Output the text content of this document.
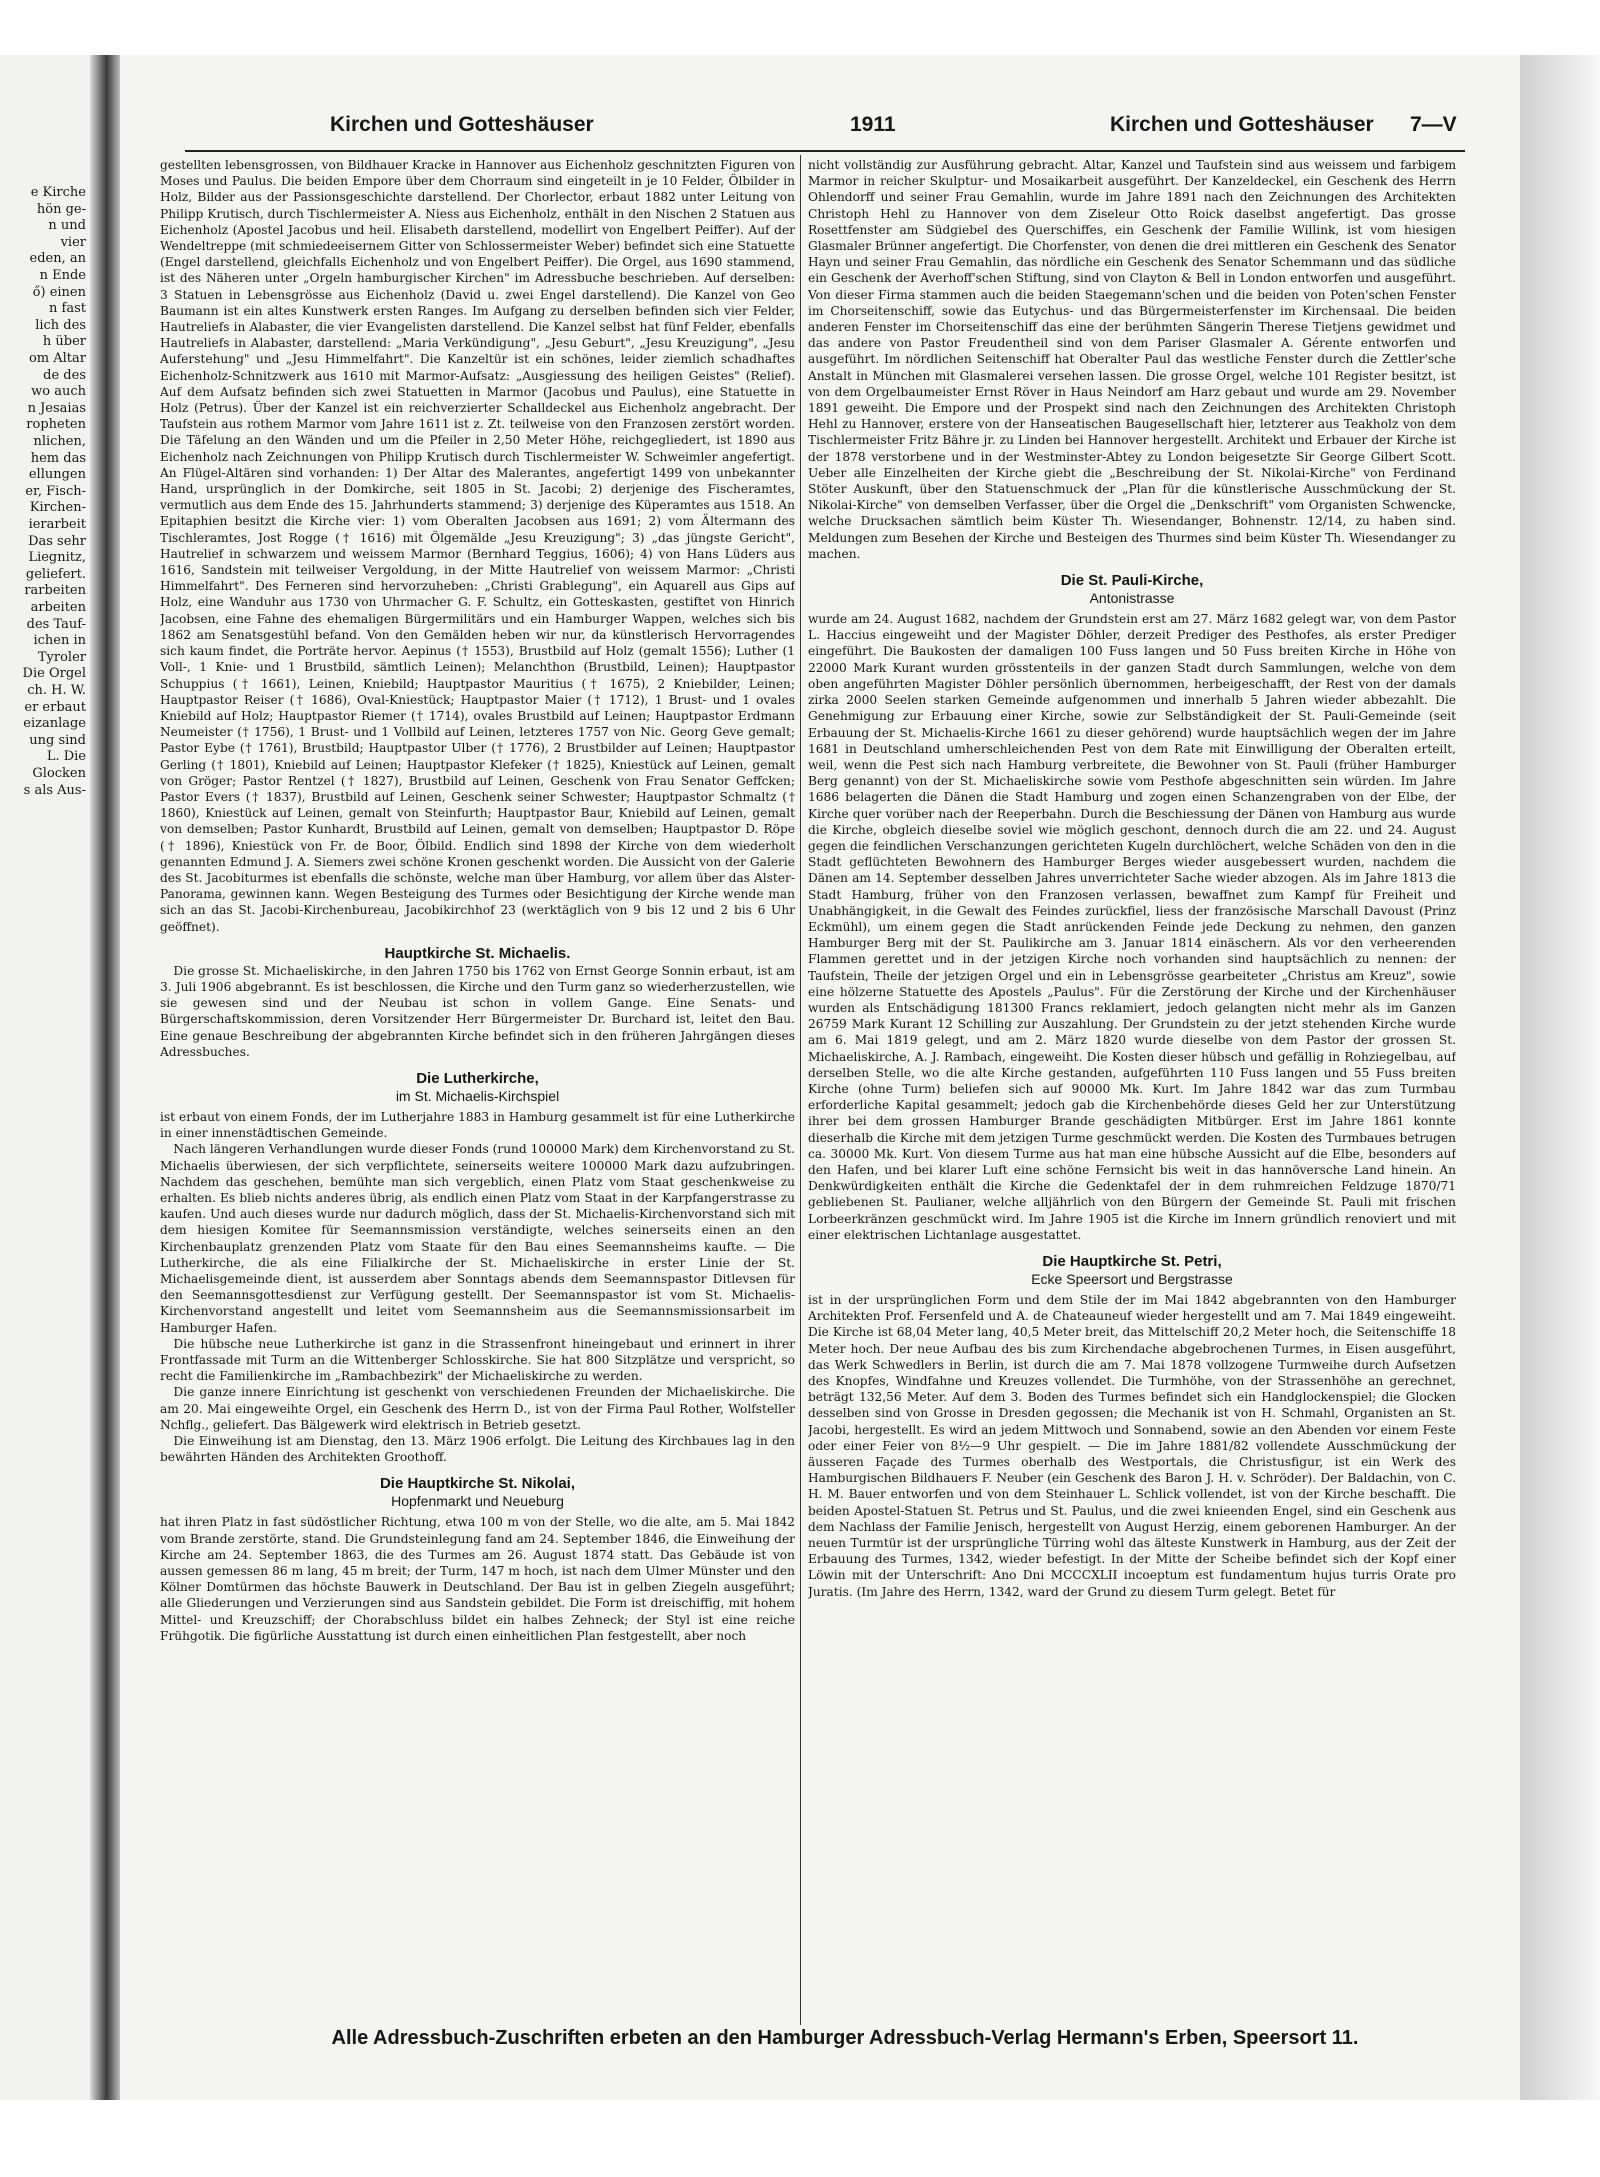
e Kirche
hön ge-
n und
vier
eden, an
n Ende
ő) einen
n fast
lich des
h über
om Altar
de des
wo auch
n Jesaias
ropheten
nlichen,
hem das
ellungen
er, Fisch-
Kirchen-
ierarbeit
Das sehr
Liegnitz,
geliefert.
rarbeiten
arbeiten
des Tauf-
ichen in
Tyroler
Die Orgel
ch. H. W.
er erbaut
eizanlage
ung sind
L. Die
Glocken
s als Aus-
Kirchen und Gotteshäuser	1911	Kirchen und Gotteshäuser 7—V

gestellten lebensgrossen, von Bildhauer Kracke in Hannover aus Eichenholz geschnitzten Figuren von Moses und Paulus. Die beiden Empore über dem Chorraum sind eingeteilt in je 10 Felder, Ölbilder in Holz, Bilder aus der Passionsgeschichte darstellend. Der Chorlector, erbaut 1882 unter Leitung von Philipp Krutisch, durch Tischlermeister A. Niess aus Eichenholz, enthält in den Nischen 2 Statuen aus Eichenholz (Apostel Jacobus und heil. Elisabeth darstellend, modellirt von Engelbert Peiffer). Auf der Wendeltreppe (mit schmiedeeisernem Gitter von Schlossermeister Weber) befindet sich eine Statuette (Engel darstellend, gleichfalls Eichenholz und von Engelbert Peiffer). Die Orgel, aus 1690 stammend, ist des Näheren unter „Orgeln hamburgischer Kirchen" im Adressbuche beschrieben. Auf derselben: 3 Statuen in Lebensgrösse aus Eichenholz (David u. zwei Engel darstellend). Die Kanzel von Geo Baumann ist ein altes Kunstwerk ersten Ranges. Im Aufgang zu derselben befinden sich vier Felder, Hautreliefs in Alabaster, die vier Evangelisten darstellend. Die Kanzel selbst hat fünf Felder, ebenfalls Hautreliefs in Alabaster, darstellend: „Maria Verkündigung", „Jesu Geburt", „Jesu Kreuzigung", „Jesu Auferstehung" und „Jesu Himmelfahrt". Die Kanzeltür ist ein schönes, leider ziemlich schadhaftes Eichenholz-Schnitzwerk aus 1610 mit Marmor-Aufsatz: „Ausgiessung des heiligen Geistes" (Relief). Auf dem Aufsatz befinden sich zwei Statuetten in Marmor (Jacobus und Paulus), eine Statuette in Holz (Petrus). Über der Kanzel ist ein reichverzierter Schalldeckel aus Eichenholz angebracht. Der Taufstein aus rothem Marmor vom Jahre 1611 ist z. Zt. teilweise von den Franzosen zerstört worden. Die Täfelung an den Wänden und um die Pfeiler in 2,50 Meter Höhe, reichgegliedert, ist 1890 aus Eichenholz nach Zeichnungen von Philipp Krutisch durch Tischlermeister W. Schweimler angefertigt. An Flügel-Altären sind vorhanden: 1) Der Altar des Malerantes, angefertigt 1499 von unbekannter Hand, ursprünglich in der Domkirche, seit 1805 in St. Jacobi; 2) derjenige des Fischeramtes, vermutlich aus dem Ende des 15. Jahrhunderts stammend; 3) derjenige des Küperamtes aus 1518. An Epitaphien besitzt die Kirche vier: 1) vom Oberalten Jacobsen aus 1691; 2) vom Ältermann des Tischleramtes, Jost Rogge († 1616) mit Ölgemälde „Jesu Kreuzigung"; 3) „das jüngste Gericht", Hautrelief in schwarzem und weissem Marmor (Bernhard Teggius, 1606); 4) von Hans Lüders aus 1616, Sandstein mit teilweiser Vergoldung, in der Mitte Hautrelief von weissem Marmor: „Christi Himmelfahrt". Des Ferneren sind hervorzuheben: „Christi Grablegung", ein Aquarell aus Gips auf Holz, eine Wanduhr aus 1730 von Uhrmacher G. F. Schultz, ein Gotteskasten, gestiftet von Hinrich Jacobsen, eine Fahne des ehemaligen Bürgermilitärs und ein Hamburger Wappen, welches sich bis 1862 am Senatsgestühl befand. Von den Gemälden heben wir nur, da künstlerisch Hervorragendes sich kaum findet, die Porträte hervor. Aepinus († 1553), Brustbild auf Holz (gemalt 1556); Luther (1 Voll-, 1 Knie- und 1 Brustbild, sämtlich Leinen); Melanchthon (Brustbild, Leinen); Hauptpastor Schuppius († 1661), Leinen, Kniebild; Hauptpastor Mauritius († 1675), 2 Kniebilder, Leinen; Hauptpastor Reiser († 1686), Oval-Kniestück; Hauptpastor Maier († 1712), 1 Brust- und 1 ovales Kniebild auf Holz; Hauptpastor Riemer († 1714), ovales Brustbild auf Leinen; Hauptpastor Erdmann Neumeister († 1756), 1 Brust- und 1 Vollbild auf Leinen, letzteres 1757 von Nic. Georg Geve gemalt; Pastor Eybe († 1761), Brustbild; Hauptpastor Ulber († 1776), 2 Brustbilder auf Leinen; Hauptpastor Gerling († 1801), Kniebild auf Leinen; Hauptpastor Klefeker († 1825), Kniestück auf Leinen, gemalt von Gröger; Pastor Rentzel († 1827), Brustbild auf Leinen, Geschenk von Frau Senator Geffcken; Pastor Evers († 1837), Brustbild auf Leinen, Geschenk seiner Schwester; Hauptpastor Schmaltz († 1860), Kniestück auf Leinen, gemalt von Steinfurth; Hauptpastor Baur, Kniebild auf Leinen, gemalt von demselben; Pastor Kunhardt, Brustbild auf Leinen, gemalt von demselben; Hauptpastor D. Röpe († 1896), Kniestück von Fr. de Boor, Ölbild. Endlich sind 1898 der Kirche von dem wiederholt genannten Edmund J. A. Siemers zwei schöne Kronen geschenkt worden. Die Aussicht von der Galerie des St. Jacobiturmes ist ebenfalls die schönste, welche man über Hamburg, vor allem über das Alster-Panorama, gewinnen kann. Wegen Besteigung des Turmes oder Besichtigung der Kirche wende man sich an das St. Jacobi-Kirchenbureau, Jacobikirchhof 23 (werktäglich von 9 bis 12 und 2 bis 6 Uhr geöffnet).

Hauptkirche St. Michaelis.

Die grosse St. Michaeliskirche, in den Jahren 1750 bis 1762 von Ernst George Sonnin erbaut, ist am 3. Juli 1906 abgebrannt. Es ist beschlossen, die Kirche und den Turm ganz so wiederherzustellen, wie sie gewesen sind und der Neubau ist schon in vollem Gange. Eine Senats- und Bürgerschaftskommission, deren Vorsitzender Herr Bürgermeister Dr. Burchard ist, leitet den Bau. Eine genaue Beschreibung der abgebrannten Kirche befindet sich in den früheren Jahrgängen dieses Adressbuches.

Die Lutherkirche,
im St. Michaelis-Kirchspiel

ist erbaut von einem Fonds, der im Lutherjahre 1883 in Hamburg gesammelt ist für eine Lutherkirche in einer innenstädtischen Gemeinde.

Nach längeren Verhandlungen wurde dieser Fonds (rund 100000 Mark) dem Kirchenvorstand zu St. Michaelis überwiesen, der sich verpflichtete, seinerseits weitere 100000 Mark dazu aufzubringen. Nachdem das geschehen, bemühte man sich vergeblich, einen Platz vom Staat geschenkweise zu erhalten. Es blieb nichts anderes übrig, als endlich einen Platz vom Staat in der Karpfangerstrasse zu kaufen. Und auch dieses wurde nur dadurch möglich, dass der St. Michaelis-Kirchenvorstand sich mit dem hiesigen Komitee für Seemannsmission verständigte, welches seinerseits einen an den Kirchenbauplatz grenzenden Platz vom Staate für den Bau eines Seemannsheims kaufte. — Die Lutherkirche, die als eine Filialkirche der St. Michaeliskirche in erster Linie der St. Michaelisgemeinde dient, ist ausserdem aber Sonntags abends dem Seemannspastor Ditlevsen für den Seemannsgottesdienst zur Verfügung gestellt. Der Seemannspastor ist vom St. Michaelis-Kirchenvorstand angestellt und leitet vom Seemannsheim aus die Seemannsmissionsarbeit im Hamburger Hafen.

Die hübsche neue Lutherkirche ist ganz in die Strassenfront hineingebaut und erinnert in ihrer Frontfassade mit Turm an die Wittenberger Schlosskirche. Sie hat 800 Sitzplätze und verspricht, so recht die Familienkirche im „Rambachbezirk" der Michaeliskirche zu werden.

Die ganze innere Einrichtung ist geschenkt von verschiedenen Freunden der Michaeliskirche. Die am 20. Mai eingeweihte Orgel, ein Geschenk des Herrn D., ist von der Firma Paul Rother, Wolfsteller Nchflg., geliefert. Das Bälgewerk wird elektrisch in Betrieb gesetzt.

Die Einweihung ist am Dienstag, den 13. März 1906 erfolgt. Die Leitung des Kirchbaues lag in den bewährten Händen des Architekten Groothoff.

Die Hauptkirche St. Nikolai,
Hopfenmarkt und Neueburg

hat ihren Platz in fast südöstlicher Richtung, etwa 100 m von der Stelle, wo die alte, am 5. Mai 1842 vom Brande zerstörte, stand. Die Grundsteinlegung fand am 24. September 1846, die Einweihung der Kirche am 24. September 1863, die des Turmes am 26. August 1874 statt. Das Gebäude ist von aussen gemessen 86 m lang, 45 m breit; der Turm, 147 m hoch, ist nach dem Ulmer Münster und den Kölner Domtürmen das höchste Bauwerk in Deutschland. Der Bau ist in gelben Ziegeln ausgeführt; alle Gliederungen und Verzierungen sind aus Sandstein gebildet. Die Form ist dreischiffig, mit hohem Mittel- und Kreuzschiff; der Chorabschluss bildet ein halbes Zehneck; der Styl ist eine reiche Frühgotik. Die figürliche Ausstattung ist durch einen einheitlichen Plan festgestellt, aber noch

nicht vollständig zur Ausführung gebracht. Altar, Kanzel und Taufstein sind aus weissem und farbigem Marmor in reicher Skulptur- und Mosaikarbeit ausgeführt. Der Kanzeldeckel, ein Geschenk des Herrn Ohlendorff und seiner Frau Gemahlin, wurde im Jahre 1891 nach den Zeichnungen des Architekten Christoph Hehl zu Hannover von dem Ziseleur Otto Roick daselbst angefertigt. Das grosse Rosettfenster am Südgiebel des Querschiffes, ein Geschenk der Familie Willink, ist vom hiesigen Glasmaler Brünner angefertigt. Die Chorfenster, von denen die drei mittleren ein Geschenk des Senator Hayn und seiner Frau Gemahlin, das nördliche ein Geschenk des Senator Schemmann und das südliche ein Geschenk der Averhoff'schen Stiftung, sind von Clayton & Bell in London entworfen und ausgeführt. Von dieser Firma stammen auch die beiden Staegemann'schen und die beiden von Poten'schen Fenster im Chorseitenschiff, sowie das Eutychus- und das Bürgermeisterfenster im Kirchensaal. Die beiden anderen Fenster im Chorseitenschiff das eine der berühmten Sängerin Therese Tietjens gewidmet und das andere von Pastor Freudentheil sind von dem Pariser Glasmaler A. Gérente entworfen und ausgeführt. Im nördlichen Seitenschiff hat Oberalter Paul das westliche Fenster durch die Zettler'sche Anstalt in München mit Glasmalerei versehen lassen. Die grosse Orgel, welche 101 Register besitzt, ist von dem Orgelbaumeister Ernst Röver in Haus Neindorf am Harz gebaut und wurde am 29. November 1891 geweiht. Die Empore und der Prospekt sind nach den Zeichnungen des Architekten Christoph Hehl zu Hannover, erstere von der Hanseatischen Baugesellschaft hier, letzterer aus Teakholz von dem Tischlermeister Fritz Bähre jr. zu Linden bei Hannover hergestellt. Architekt und Erbauer der Kirche ist der 1878 verstorbene und in der Westminster-Abtey zu London beigesetzte Sir George Gilbert Scott. Ueber alle Einzelheiten der Kirche giebt die „Beschreibung der St. Nikolai-Kirche" von Ferdinand Stöter Auskunft, über den Statuenschmuck der „Plan für die künstlerische Ausschmückung der St. Nikolai-Kirche" von demselben Verfasser, über die Orgel die „Denkschrift" vom Organisten Schwencke, welche Drucksachen sämtlich beim Küster Th. Wiesendanger, Bohnenstr. 12/14, zu haben sind. Meldungen zum Besehen der Kirche und Besteigen des Thurmes sind beim Küster Th. Wiesendanger zu machen.

Die St. Pauli-Kirche,
Antonistrasse

wurde am 24. August 1682, nachdem der Grundstein erst am 27. März 1682 gelegt war, von dem Pastor L. Haccius eingeweiht und der Magister Döhler, derzeit Prediger des Pesthofes, als erster Prediger eingeführt. Die Baukosten der damaligen 100 Fuss langen und 50 Fuss breiten Kirche in Höhe von 22000 Mark Kurant wurden grösstenteils in der ganzen Stadt durch Sammlungen, welche von dem oben angeführten Magister Döhler persönlich übernommen, herbeigeschafft, der Rest von der damals zirka 2000 Seelen starken Gemeinde aufgenommen und innerhalb 5 Jahren wieder abbezahlt. Die Genehmigung zur Erbauung einer Kirche, sowie zur Selbständigkeit der St. Pauli-Gemeinde (seit Erbauung der St. Michaelis-Kirche 1661 zu dieser gehörend) wurde hauptsächlich wegen der im Jahre 1681 in Deutschland umherschleichenden Pest von dem Rate mit Einwilligung der Oberalten erteilt, weil, wenn die Pest sich nach Hamburg verbreitete, die Bewohner von St. Pauli (früher Hamburger Berg genannt) von der St. Michaeliskirche sowie vom Pesthofe abgeschnitten sein würden. Im Jahre 1686 belagerten die Dänen die Stadt Hamburg und zogen einen Schanzengraben von der Elbe, der Kirche quer vorüber nach der Reeperbahn. Durch die Beschiessung der Dänen von Hamburg aus wurde die Kirche, obgleich dieselbe soviel wie möglich geschont, dennoch durch die am 22. und 24. August gegen die feindlichen Verschanzungen gerichteten Kugeln durchlöchert, welche Schäden von den in die Stadt geflüchteten Bewohnern des Hamburger Berges wieder ausgebessert wurden, nachdem die Dänen am 14. September desselben Jahres unverrichteter Sache wieder abzogen. Als im Jahre 1813 die Stadt Hamburg, früher von den Franzosen verlassen, bewaffnet zum Kampf für Freiheit und Unabhängigkeit, in die Gewalt des Feindes zurückfiel, liess der französische Marschall Davoust (Prinz Eckmühl), um einem gegen die Stadt anrückenden Feinde jede Deckung zu nehmen, den ganzen Hamburger Berg mit der St. Paulikirche am 3. Januar 1814 einäschern. Als vor den verheerenden Flammen gerettet und in der jetzigen Kirche noch vorhanden sind hauptsächlich zu nennen: der Taufstein, Theile der jetzigen Orgel und ein in Lebensgrösse gearbeiteter „Christus am Kreuz", sowie eine hölzerne Statuette des Apostels „Paulus". Für die Zerstörung der Kirche und der Kirchenhäuser wurden als Entschädigung 181300 Francs reklamiert, jedoch gelangten nicht mehr als im Ganzen 26759 Mark Kurant 12 Schilling zur Auszahlung. Der Grundstein zu der jetzt stehenden Kirche wurde am 6. Mai 1819 gelegt, und am 2. März 1820 wurde dieselbe von dem Pastor der grossen St. Michaeliskirche, A. J. Rambach, eingeweiht. Die Kosten dieser hübsch und gefällig in Rohziegelbau, auf derselben Stelle, wo die alte Kirche gestanden, aufgeführten 110 Fuss langen und 55 Fuss breiten Kirche (ohne Turm) beliefen sich auf 90000 Mk. Kurt. Im Jahre 1842 war das zum Turmbau erforderliche Kapital gesammelt; jedoch gab die Kirchenbehörde dieses Geld her zur Unterstützung ihrer bei dem grossen Hamburger Brande geschädigten Mitbürger. Erst im Jahre 1861 konnte dieserhalb die Kirche mit dem jetzigen Turme geschmückt werden. Die Kosten des Turmbaues betrugen ca. 30000 Mk. Kurt. Von diesem Turme aus hat man eine hübsche Aussicht auf die Elbe, besonders auf den Hafen, und bei klarer Luft eine schöne Fernsicht bis weit in das hannöversche Land hinein. An Denkwürdigkeiten enthält die Kirche die Gedenktafel der in dem ruhmreichen Feldzuge 1870/71 gebliebenen St. Paulianer, welche alljährlich von den Bürgern der Gemeinde St. Pauli mit frischen Lorbeerkränzen geschmückt wird. Im Jahre 1905 ist die Kirche im Innern gründlich renoviert und mit einer elektrischen Lichtanlage ausgestattet.

Die Hauptkirche St. Petri,
Ecke Speersort und Bergstrasse

ist in der ursprünglichen Form und dem Stile der im Mai 1842 abgebrannten von den Hamburger Architekten Prof. Fersenfeld und A. de Chateauneuf wieder hergestellt und am 7. Mai 1849 eingeweiht. Die Kirche ist 68,04 Meter lang, 40,5 Meter breit, das Mittelschiff 20,2 Meter hoch, die Seitenschiffe 18 Meter hoch. Der neue Aufbau des bis zum Kirchendache abgebrochenen Turmes, in Eisen ausgeführt, das Werk Schwedlers in Berlin, ist durch die am 7. Mai 1878 vollzogene Turmweihe durch Aufsetzen des Knopfes, Windfahne und Kreuzes vollendet. Die Turmhöhe, von der Strassenhöhe an gerechnet, beträgt 132,56 Meter. Auf dem 3. Boden des Turmes befindet sich ein Handglockenspiel; die Glocken desselben sind von Grosse in Dresden gegossen; die Mechanik ist von H. Schmahl, Organisten an St. Jacobi, hergestellt. Es wird an jedem Mittwoch und Sonnabend, sowie an den Abenden vor einem Feste oder einer Feier von 8½—9 Uhr gespielt. — Die im Jahre 1881/82 vollendete Ausschmückung der äusseren Façade des Turmes oberhalb des Westportals, die Christusfigur, ist ein Werk des Hamburgischen Bildhauers F. Neuber (ein Geschenk des Baron J. H. v. Schröder). Der Baldachin, von C. H. M. Bauer entworfen und von dem Steinhauer L. Schlick vollendet, ist von der Kirche beschafft. Die beiden Apostel-Statuen St. Petrus und St. Paulus, und die zwei knieenden Engel, sind ein Geschenk aus dem Nachlass der Familie Jenisch, hergestellt von August Herzig, einem geborenen Hamburger. An der neuen Turmtür ist der ursprüngliche Türring wohl das älteste Kunstwerk in Hamburg, aus der Zeit der Erbauung des Turmes, 1342, wieder befestigt. In der Mitte der Scheibe befindet sich der Kopf einer Löwin mit der Unterschrift: Ano Dni MCCCXLII incoeptum est fundamentum hujus turris Orate pro Juratis. (Im Jahre des Herrn, 1342, ward der Grund zu diesem Turm gelegt. Betet für

Alle Adressbuch-Zuschriften erbeten an den Hamburger Adressbuch-Verlag Hermann's Erben, Speersort 11.
